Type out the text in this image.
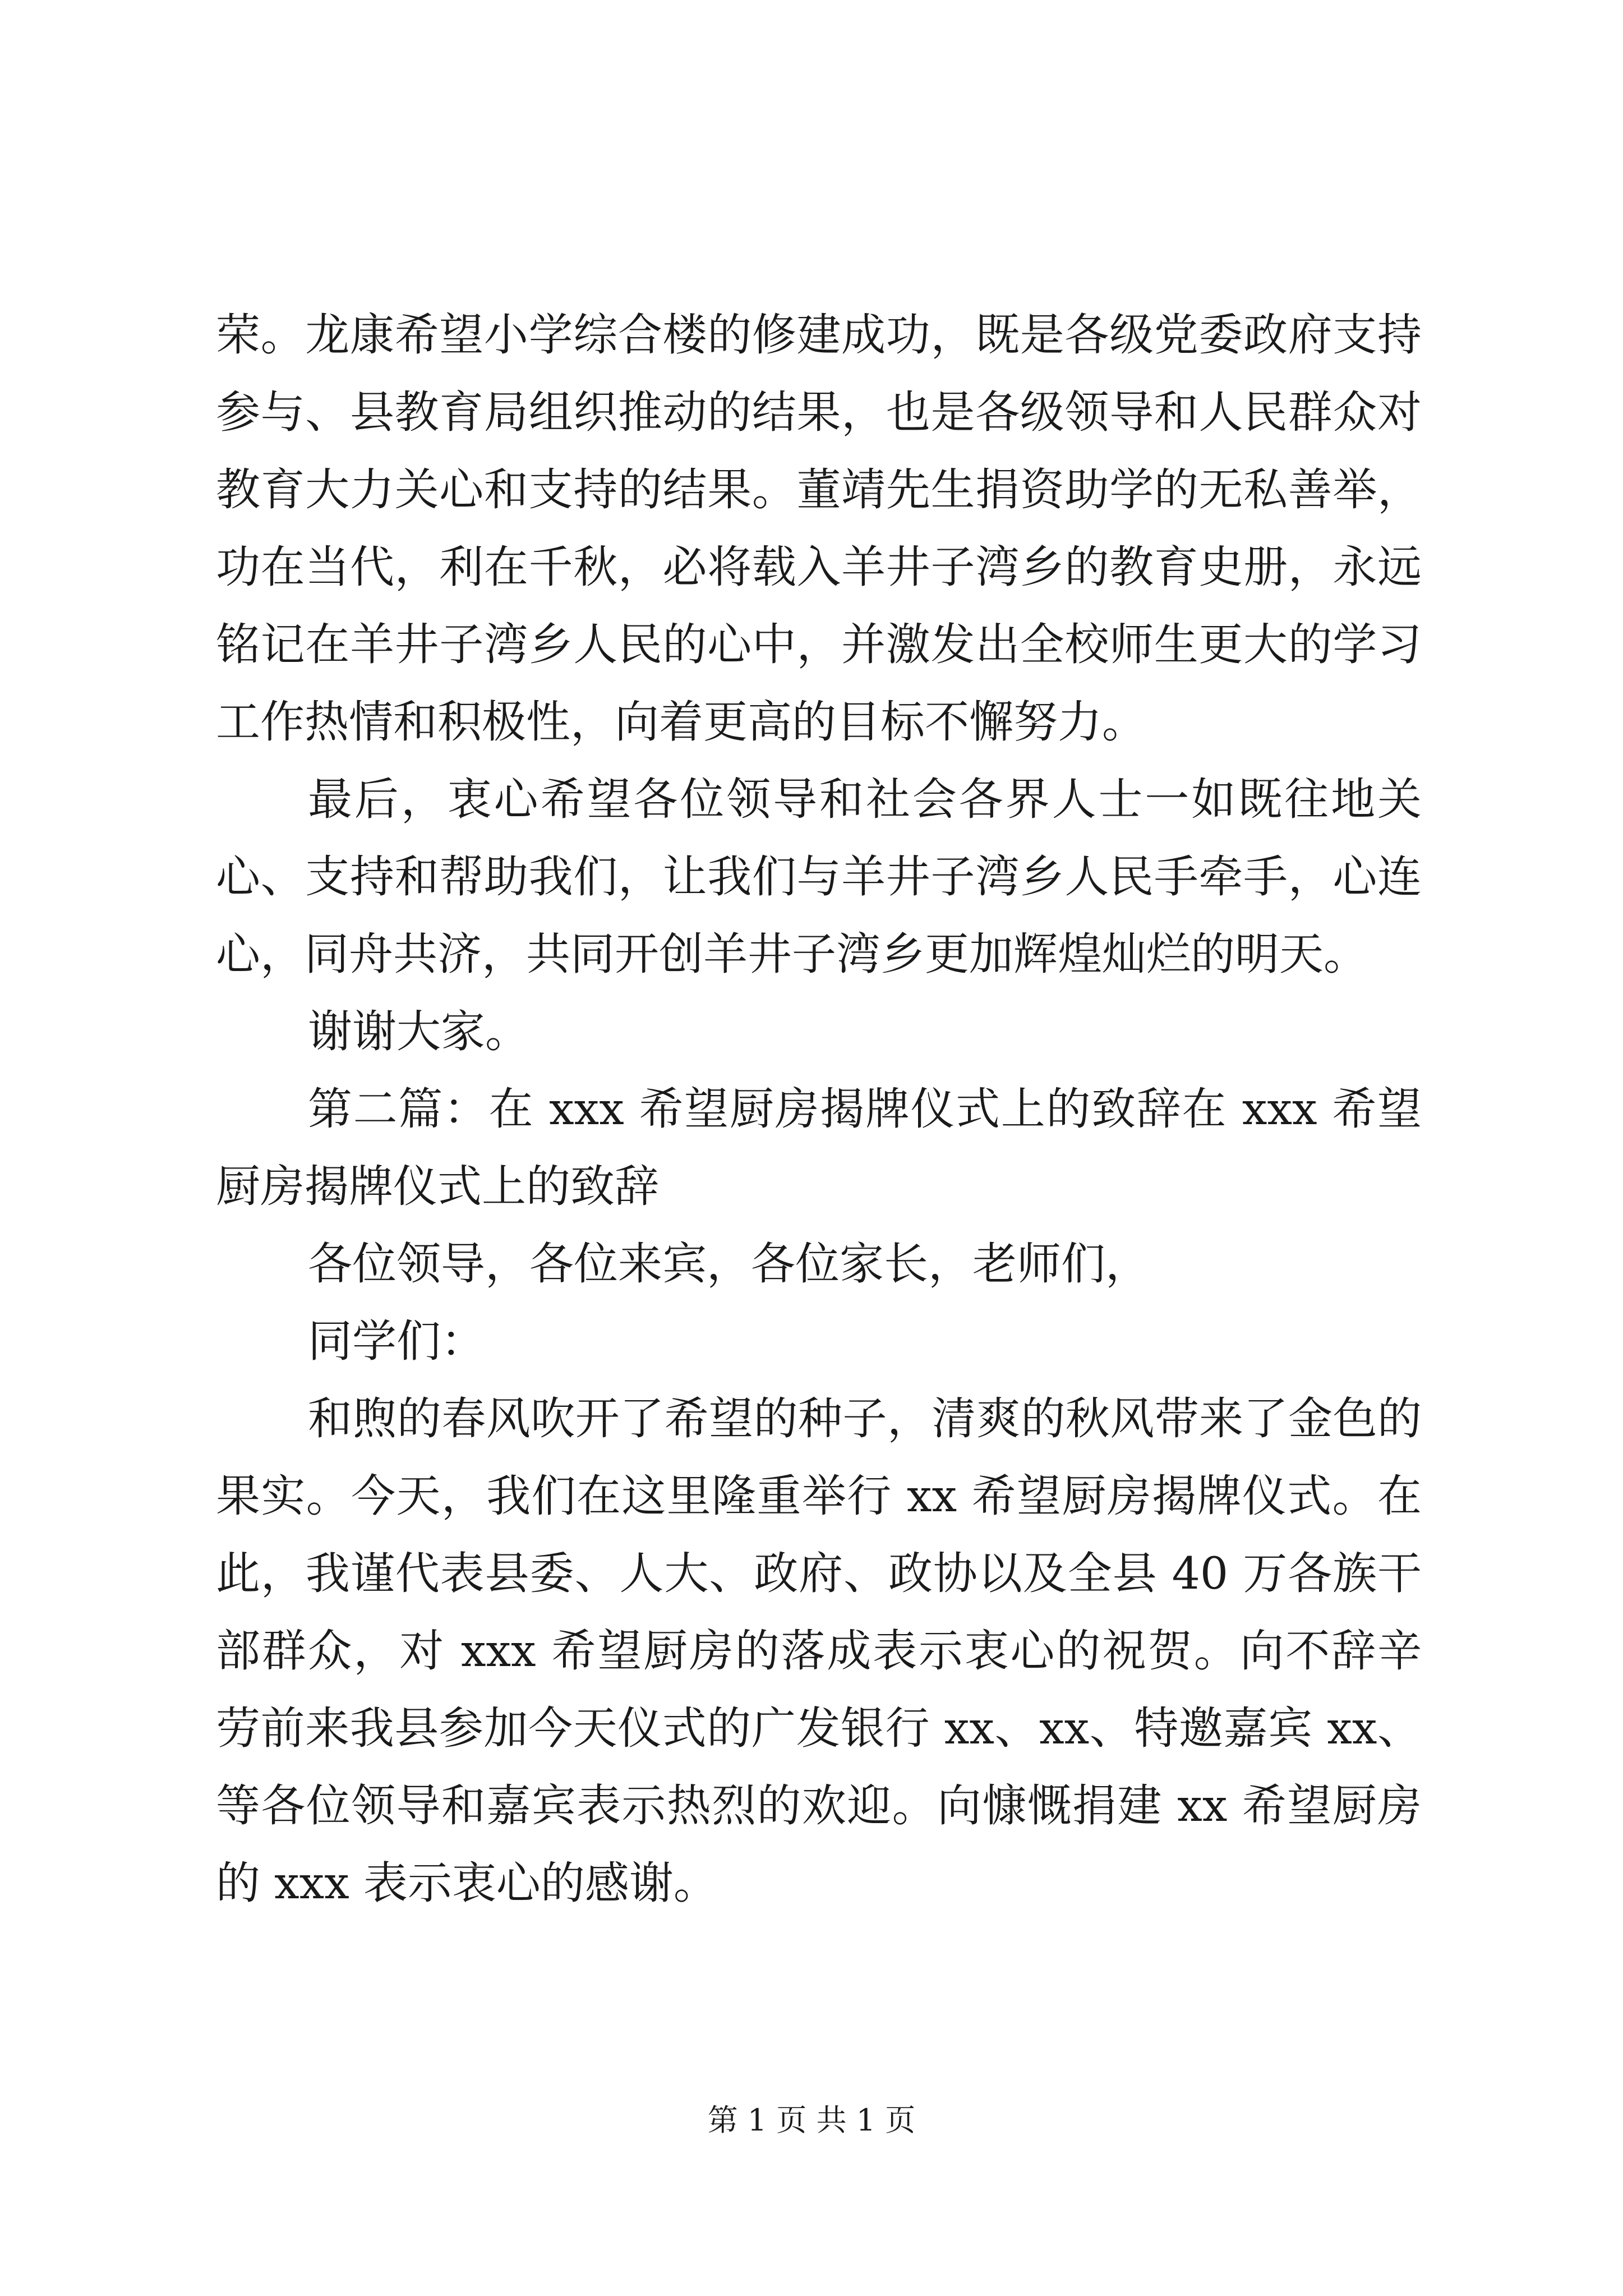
荣。龙康希望小学综合楼的修建成功，既是各级党委政府支持参与、县教育局组织推动的结果，也是各级领导和人民群众对教育大力关心和支持的结果。董靖先生捐资助学的无私善举，功在当代，利在千秋，必将载入羊井子湾乡的教育史册，永远铭记在羊井子湾乡人民的心中，并激发出全校师生更大的学习工作热情和积极性，向着更高的目标不懈努力。

最后，衷心希望各位领导和社会各界人士一如既往地关心、支持和帮助我们，让我们与羊井子湾乡人民手牵手，心连心，同舟共济，共同开创羊井子湾乡更加辉煌灿烂的明天。

谢谢大家。

第二篇：在 xxx 希望厨房揭牌仪式上的致辞在 xxx 希望厨房揭牌仪式上的致辞

各位领导，各位来宾，各位家长，老师们，

同学们：

和煦的春风吹开了希望的种子，清爽的秋风带来了金色的果实。今天，我们在这里隆重举行 xx 希望厨房揭牌仪式。在此，我谨代表县委、人大、政府、政协以及全县 40 万各族干部群众，对 xxx 希望厨房的落成表示衷心的祝贺。向不辞辛劳前来我县参加今天仪式的广发银行 xx、xx、特邀嘉宾 xx、等各位领导和嘉宾表示热烈的欢迎。向慷慨捐建 xx 希望厨房的 xxx 表示衷心的感谢。

第 1 页 共 1 页
